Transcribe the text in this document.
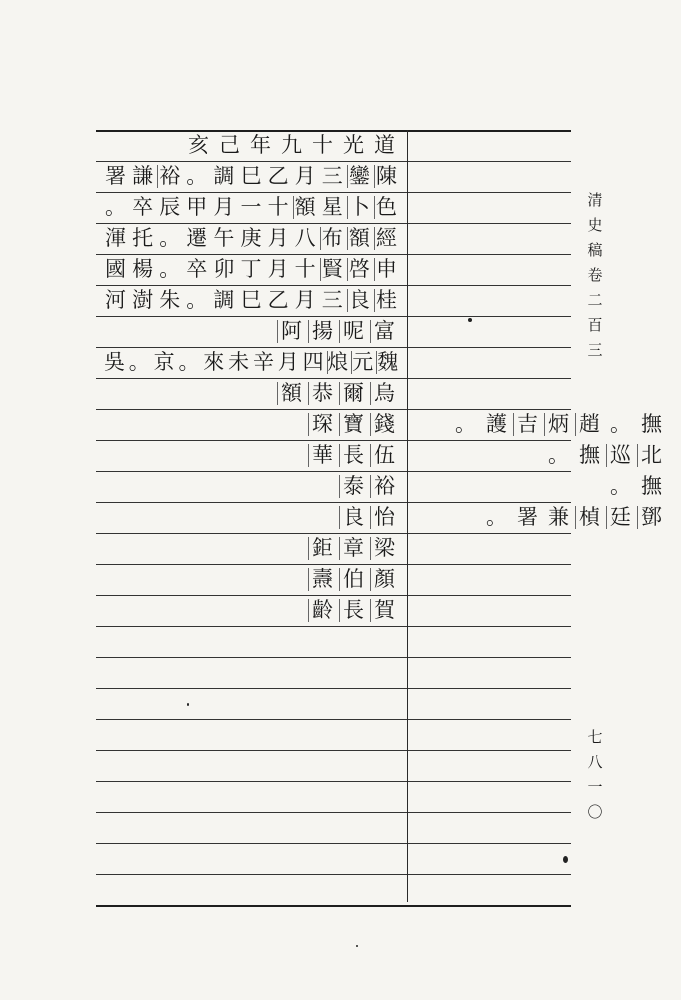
亥 己 年 九 十 光 道
署 謙 裕 。 調 巳 乙 月 三 鑾 陳
。 卒 辰 甲 月 一 十 額 星 卜 色
渾 托 。 遷 午 庚 月 八 布 額 經
國 楊 。 卒 卯 丁 月 十 賢 啓 申
河 澍 朱 。 調 巳 乙 月 三 良 桂
阿 揚 呢 富
吳 。 京 。 來 未 辛 月 四 烺 元 魏
額 恭 爾 烏
琛 寶 錢	。 護 吉 炳 趙 。 撫
華 長 伍	。 撫 巡 北
泰 裕	。 撫
良 怡	。 署 兼 楨 廷 鄧
鉅 章 梁
燾 伯 顏
齡 長 賀
清
史
稿
卷
二
百
三
七
八
一
〇
